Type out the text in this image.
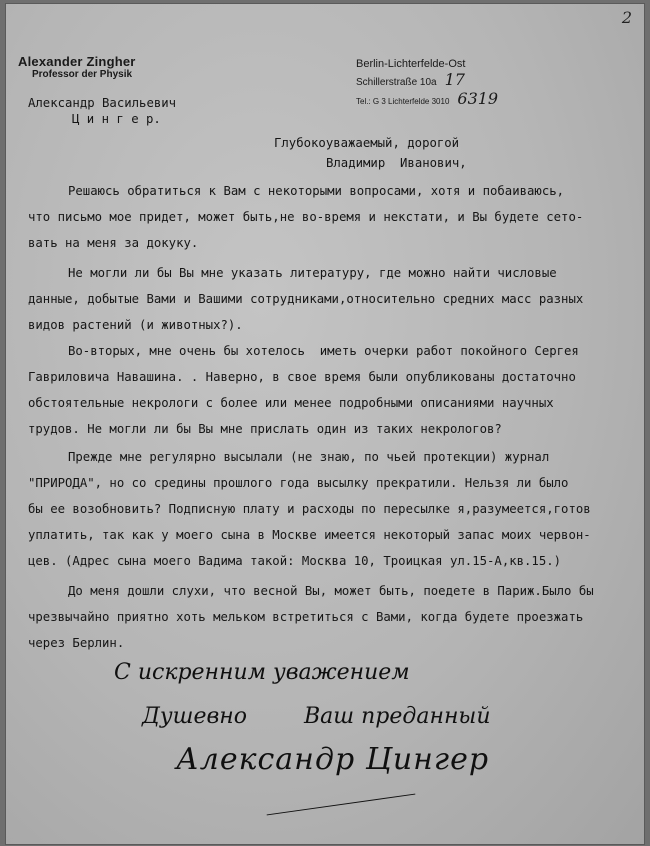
2
Alexander Zingher
Professor der Physik
Berlin-Lichterfelde-Ost
Schillerstraße 10a 17
Tel.: G 3 Lichterfelde 3010 6319
Александр Васильевич
Ц и н г е р.
Глубокоуважаемый, дорогой
Владимир  Иванович,
Решаюсь обратиться к Вам с некоторыми вопросами, хотя и побаиваюсь,
что письмо мое придет, может быть,не во-время и некстати, и Вы будете сето-
вать на меня за докуку.
Не могли ли бы Вы мне указать литературу, где можно найти числовые
данные, добытые Вами и Вашими сотрудниками,относительно средних масс разных
видов растений (и животных?).
Во-вторых, мне очень бы хотелось  иметь очерки работ покойного Сергея
Гавриловича Навашина. . Наверно, в свое время были опубликованы достаточно
обстоятельные некрологи с более или менее подробными описаниями научных
трудов. Не могли ли бы Вы мне прислать один из таких некрологов?
Прежде мне регулярно высылали (не знаю, по чьей протекции) журнал
"ПРИРОДА", но со средины прошлого года высылку прекратили. Нельзя ли было
бы ее возобновить? Подписную плату и расходы по пересылке я,разумеется,готов
уплатить, так как у моего сына в Москве имеется некоторый запас моих червон-
цев. (Адрес сына моего Вадима такой: Москва 10, Троицкая ул.15-А,кв.15.)
До меня дошли слухи, что весной Вы, может быть, поедете в Париж.Было бы
чрезвычайно приятно хоть мельком встретиться с Вами, когда будете проезжать
через Берлин.
С искренним уважением
Душевно	Ваш преданный
Александр Цингер
